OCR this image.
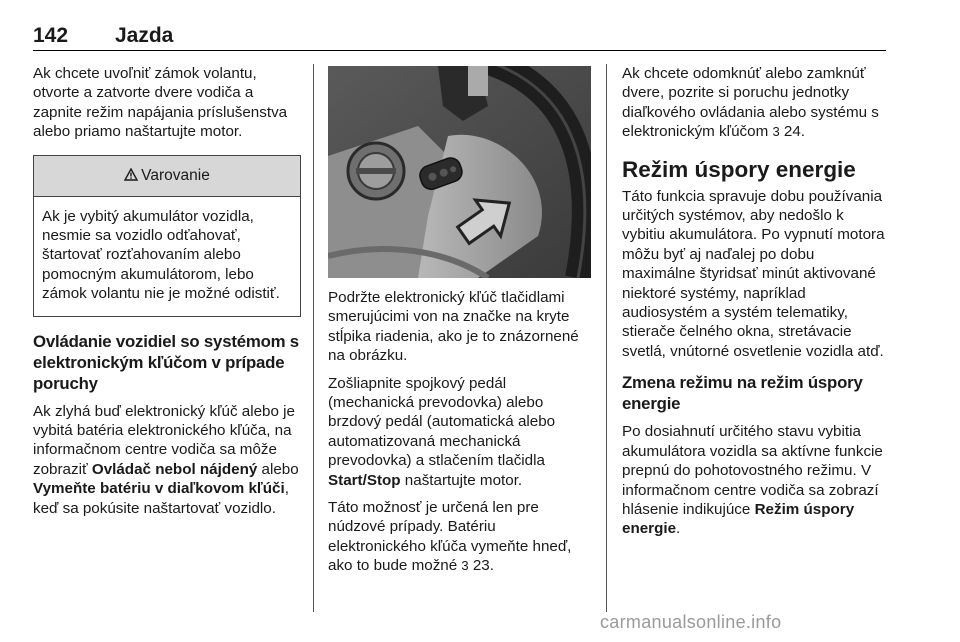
142 Jazda

Ak chcete uvoľniť zámok volantu, otvorte a zatvorte dvere vodiča a zapnite režim napájania príslušenstva alebo priamo naštartujte motor.

Varovanie
Ak je vybitý akumulátor vozidla, nesmie sa vozidlo odťahovať, štartovať rozťahovaním alebo pomocným akumulátorom, lebo zámok volantu nie je možné odistiť.

Ovládanie vozidiel so systémom s elektronickým kľúčom v prípade poruchy

Ak zlyhá buď elektronický kľúč alebo je vybitá batéria elektronického kľúča, na informačnom centre vodiča sa môže zobraziť Ovládač nebol nájdený alebo Vymeňte batériu v diaľkovom kľúči, keď sa pokúsite naštartovať vozidlo.

Podržte elektronický kľúč tlačidlami smerujúcimi von na značke na kryte stĺpika riadenia, ako je to znázornené na obrázku.

Zošliapnite spojkový pedál (mechanická prevodovka) alebo brzdový pedál (automatická alebo automatizovaná mechanická prevodovka) a stlačením tlačidla Start/Stop naštartujte motor.

Táto možnosť je určená len pre núdzové prípady. Batériu elektronického kľúča vymeňte hneď, ako to bude možné 3 23.

Ak chcete odomknúť alebo zamknúť dvere, pozrite si poruchu jednotky diaľkového ovládania alebo systému s elektronickým kľúčom 3 24.

Režim úspory energie

Táto funkcia spravuje dobu používania určitých systémov, aby nedošlo k vybitiu akumulátora. Po vypnutí motora môžu byť aj naďalej po dobu maximálne štyridsať minút aktivované niektoré systémy, napríklad audiosystém a systém telematiky, stierače čelného okna, stretávacie svetlá, vnútorné osvetlenie vozidla atď.

Zmena režimu na režim úspory energie

Po dosiahnutí určitého stavu vybitia akumulátora vozidla sa aktívne funkcie prepnú do pohotovostného režimu. V informačnom centre vodiča sa zobrazí hlásenie indikujúce Režim úspory energie.

carmanualsonline.info
